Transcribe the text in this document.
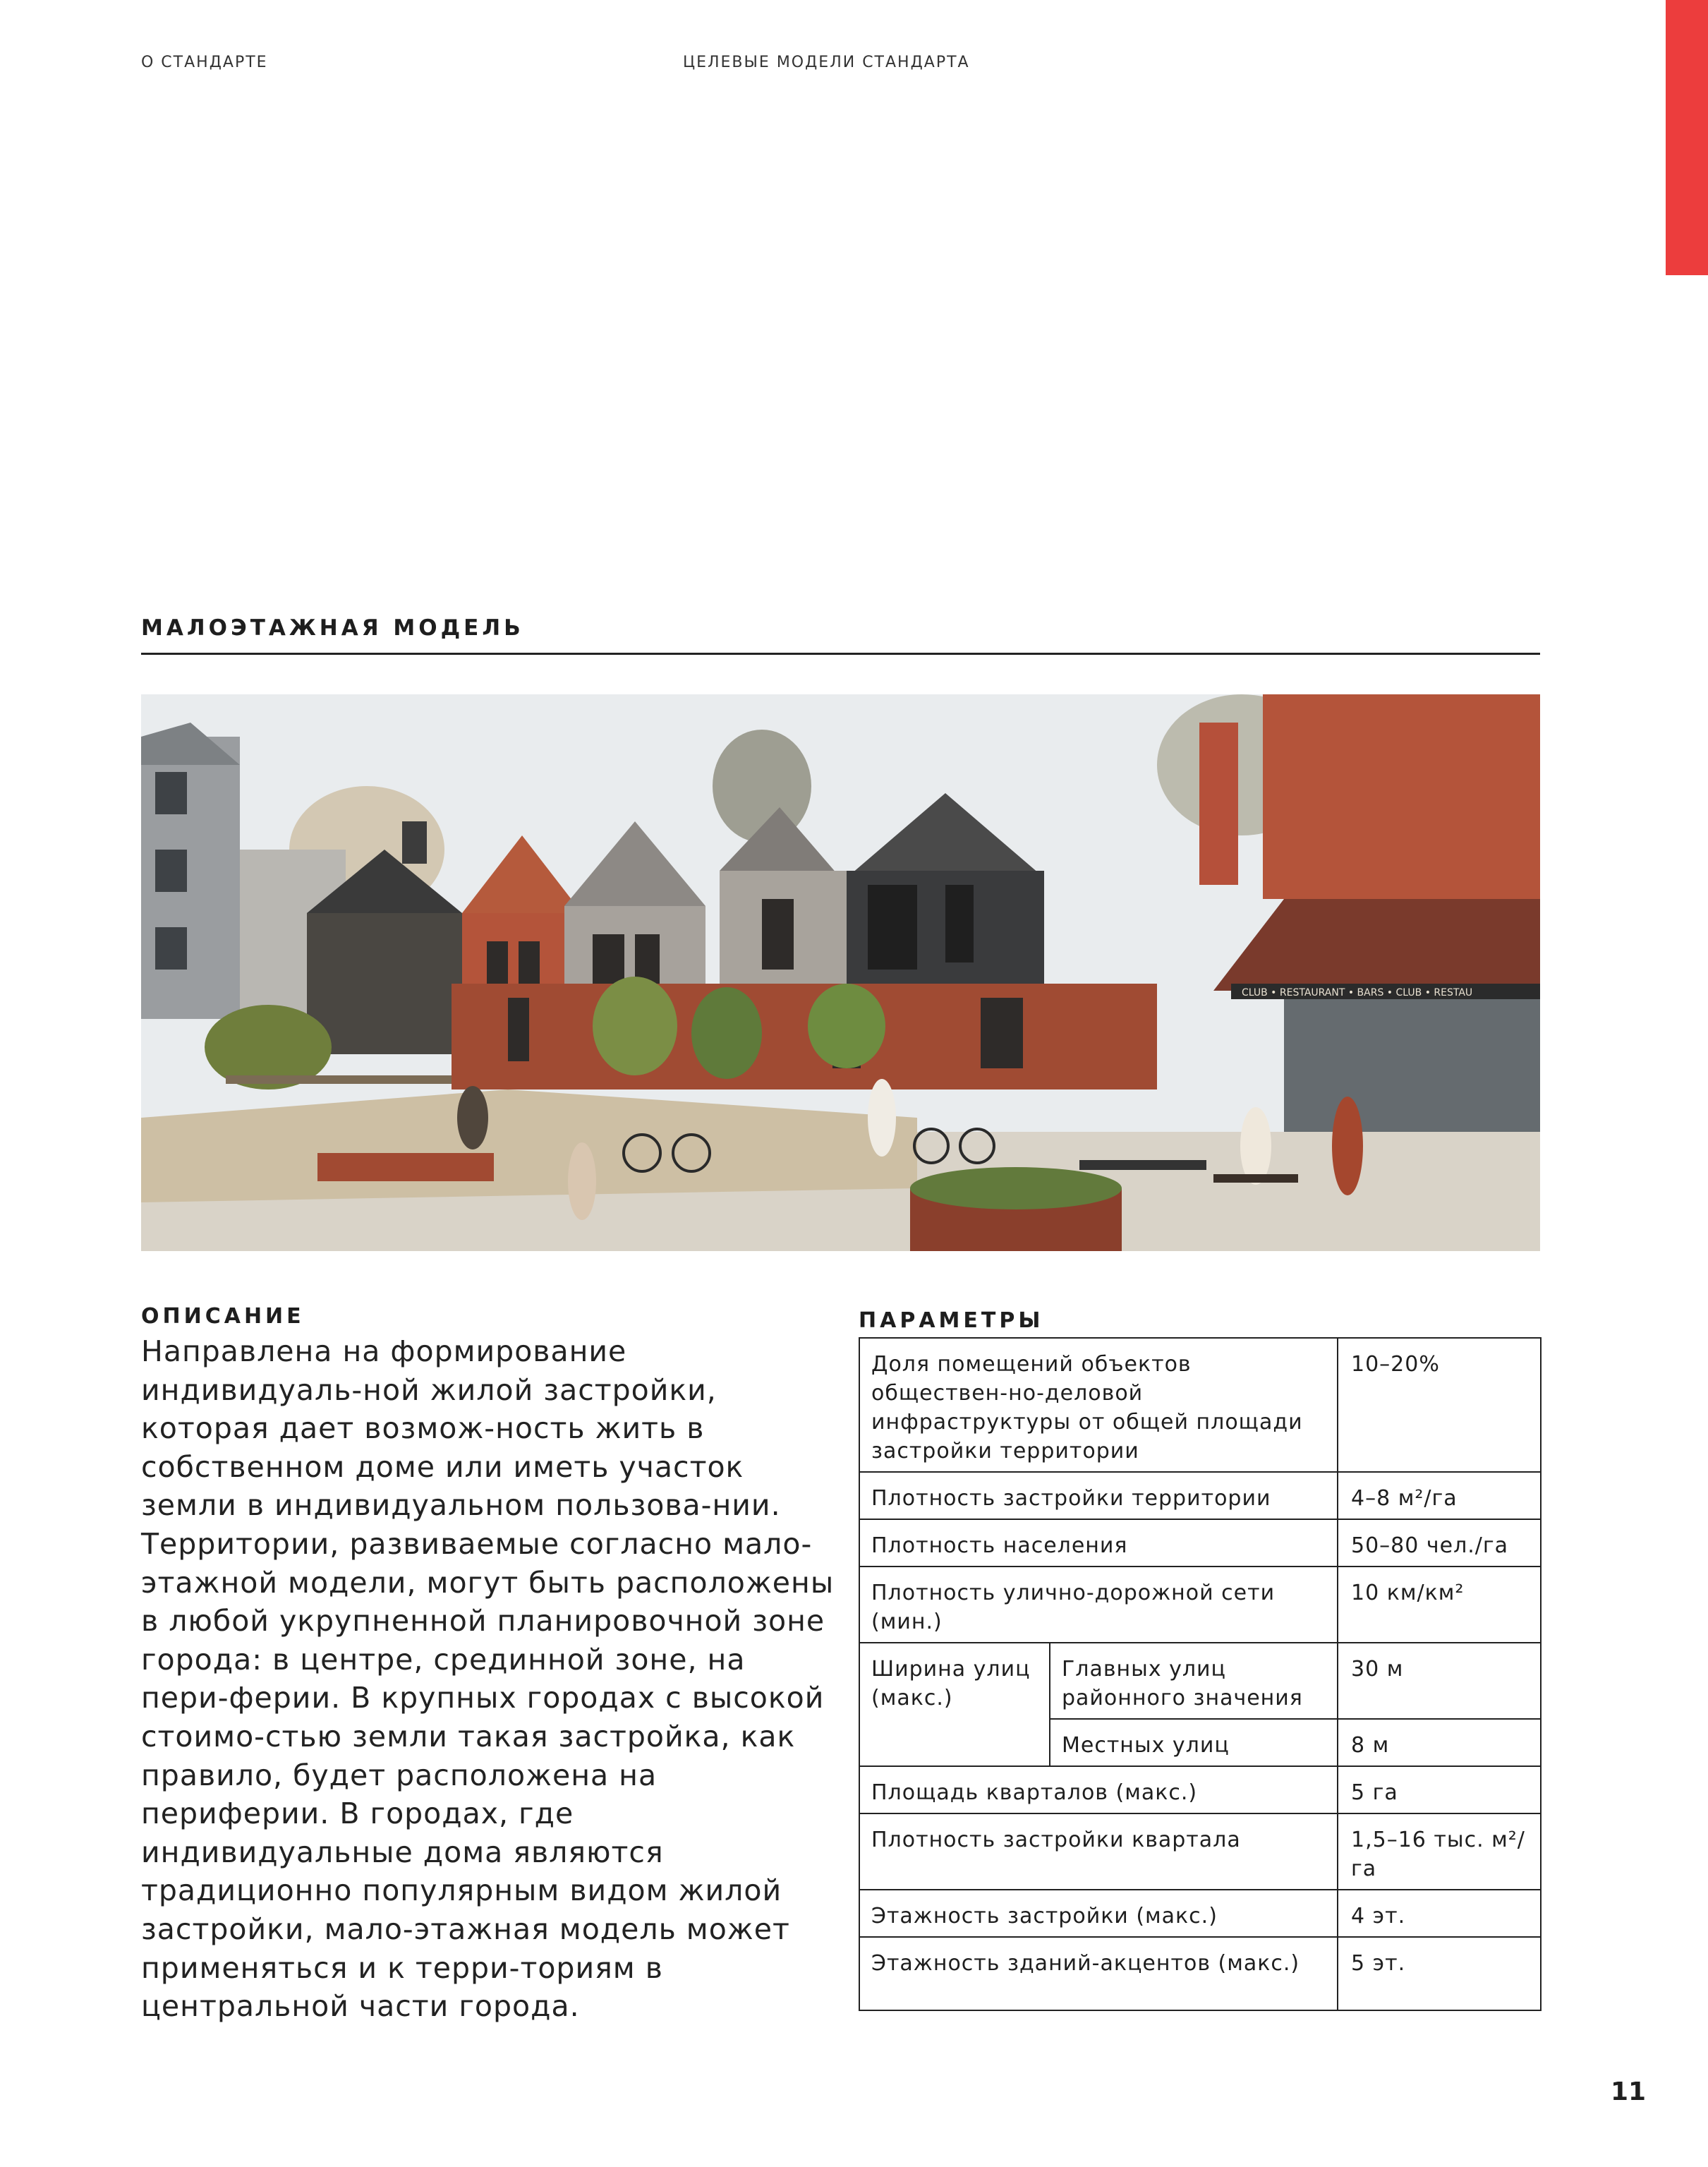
О СТАНДАРТЕ	ЦЕЛЕВЫЕ МОДЕЛИ СТАНДАРТА
МАЛОЭТАЖНАЯ МОДЕЛЬ
CLUB • RESTAURANT • BARS • CLUB • RESTAU
ОПИСАНИЕ
Направлена на формирование индивидуаль-ной жилой застройки, которая дает возмож-ность жить в собственном доме или иметь участок земли в индивидуальном пользова-нии. Территории, развиваемые согласно мало-этажной модели, могут быть расположены в любой укрупненной планировочной зоне города: в центре, срединной зоне, на пери-ферии. В крупных городах с высокой стоимо-стью земли такая застройка, как правило, будет расположена на периферии. В городах, где индивидуальные дома являются традиционно популярным видом жилой застройки, мало-этажная модель может применяться и к терри-ториям в центральной части города.
ПАРАМЕТРЫ
Доля помещений объектов обществен-но-деловой инфраструктуры от общей площади застройки территории		10–20%
Плотность застройки территории		4–8 м²/га
Плотность населения		50–80 чел./га
Плотность улично-дорожной сети (мин.)		10 км/км²
Ширина улиц (макс.)	Главных улиц районного значения	30 м
	Местных улиц	8 м
Площадь кварталов (макс.)		5 га
Плотность застройки квартала		1,5–16 тыс. м²/га
Этажность застройки (макс.)		4 эт.
Этажность зданий-акцентов (макс.)		5 эт.
11
